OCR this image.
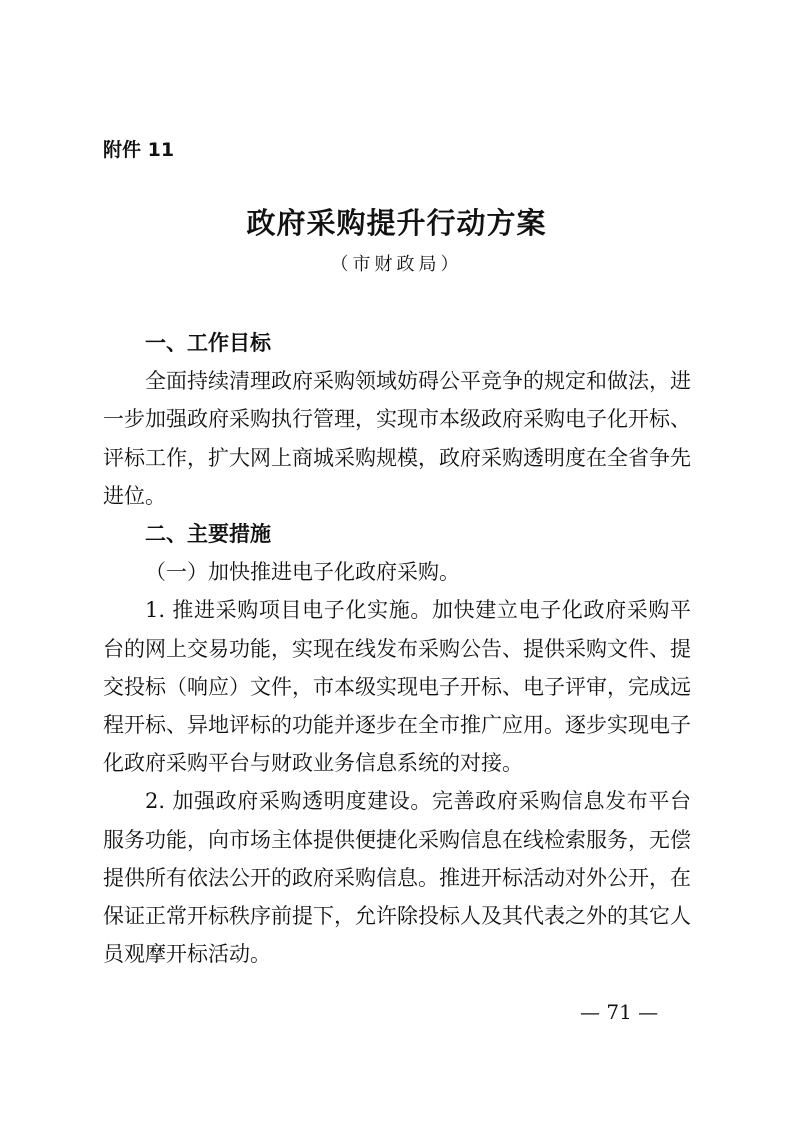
附件 11
政府采购提升行动方案
（市财政局）

一、工作目标

全面持续清理政府采购领域妨碍公平竞争的规定和做法，进一步加强政府采购执行管理，实现市本级政府采购电子化开标、评标工作，扩大网上商城采购规模，政府采购透明度在全省争先进位。

二、主要措施

（一）加快推进电子化政府采购。

1. 推进采购项目电子化实施。加快建立电子化政府采购平台的网上交易功能，实现在线发布采购公告、提供采购文件、提交投标（响应）文件，市本级实现电子开标、电子评审，完成远程开标、异地评标的功能并逐步在全市推广应用。逐步实现电子化政府采购平台与财政业务信息系统的对接。

2. 加强政府采购透明度建设。完善政府采购信息发布平台服务功能，向市场主体提供便捷化采购信息在线检索服务，无偿提供所有依法公开的政府采购信息。推进开标活动对外公开，在保证正常开标秩序前提下，允许除投标人及其代表之外的其它人员观摩开标活动。

— 71 —
